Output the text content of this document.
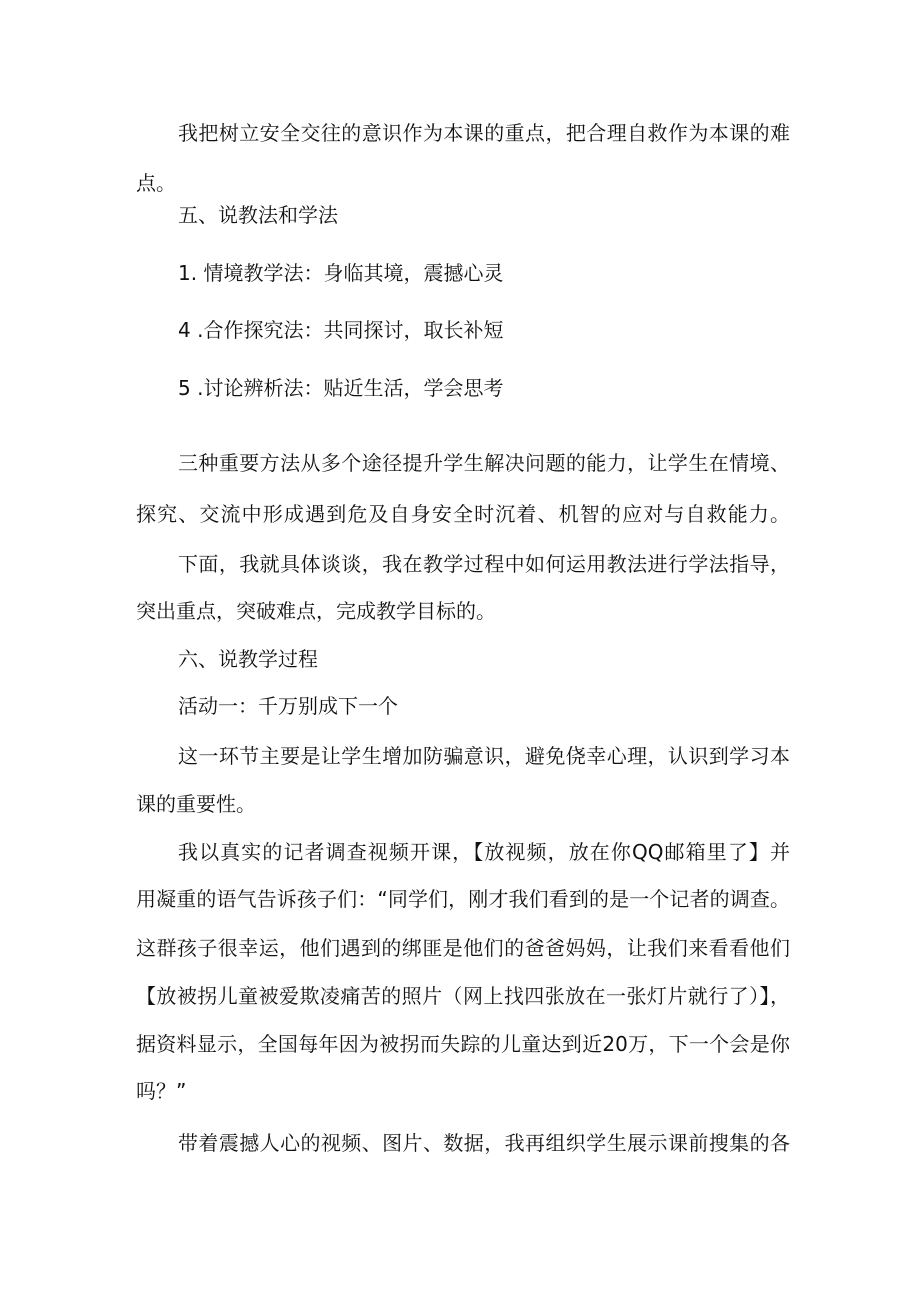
我把树立安全交往的意识作为本课的重点，把合理自救作为本课的难

点。

五、说教法和学法

1. 情境教学法：身临其境，震撼心灵

4 .合作探究法：共同探讨，取长补短

5 .讨论辨析法：贴近生活，学会思考

三种重要方法从多个途径提升学生解决问题的能力，让学生在情境、

探究、交流中形成遇到危及自身安全时沉着、机智的应对与自救能力。

下面，我就具体谈谈，我在教学过程中如何运用教法进行学法指导，

突出重点，突破难点，完成教学目标的。

六、说教学过程

活动一：千万别成下一个

这一环节主要是让学生增加防骗意识，避免侥幸心理，认识到学习本

课的重要性。

我以真实的记者调查视频开课，【放视频，放在你QQ邮箱里了】并

用凝重的语气告诉孩子们：“同学们，刚才我们看到的是一个记者的调查。

这群孩子很幸运，他们遇到的绑匪是他们的爸爸妈妈，让我们来看看他们

【放被拐儿童被爱欺凌痛苦的照片（网上找四张放在一张灯片就行了）】，

据资料显示，全国每年因为被拐而失踪的儿童达到近20万，下一个会是你

吗？”

带着震撼人心的视频、图片、数据，我再组织学生展示课前搜集的各
